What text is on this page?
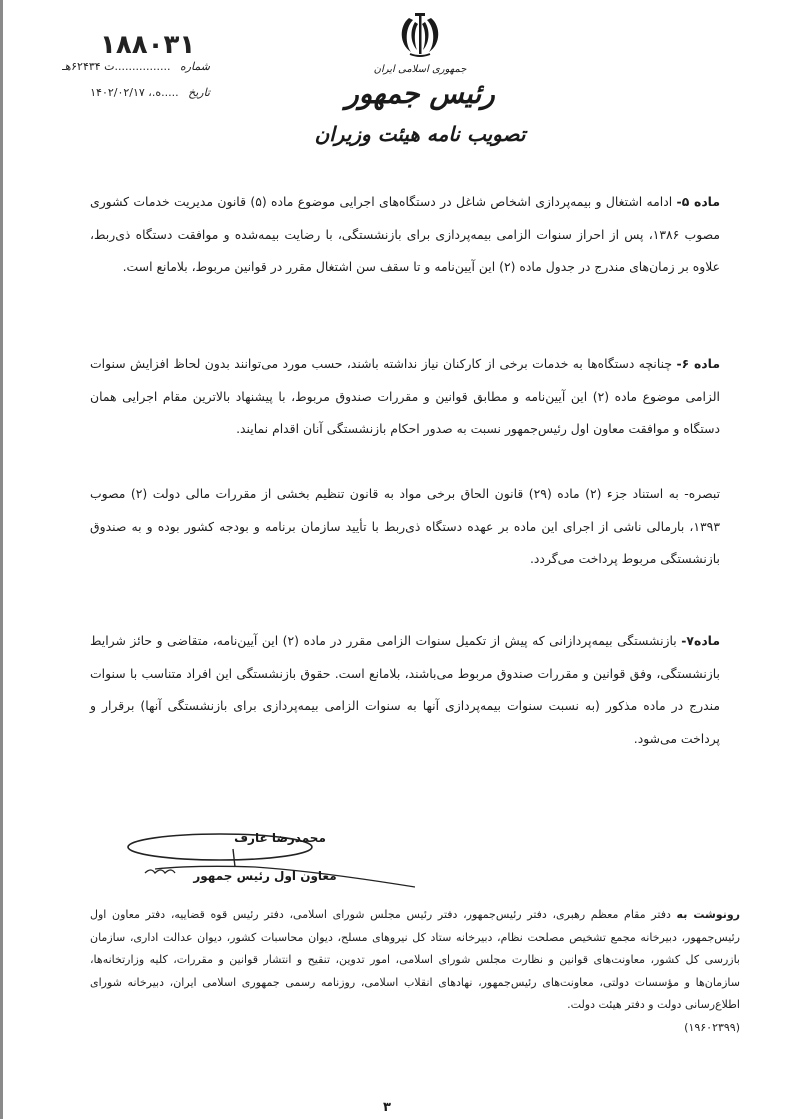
۱۸۸۰۳۱
شماره ................ت ۶۲۴۳۴هـ
تاریخ .....ه.، ۱۴۰۲/۰۲/۱۷
جمهوری اسلامی ایران
رئیس جمهور
تصویب نامه هیئت وزیران

ماده ۵- ادامه اشتغال و بیمه‌پردازی اشخاص شاغل در دستگاه‌های اجرایی موضوع ماده (۵) قانون مدیریت خدمات کشوری مصوب ۱۳۸۶، پس از احراز سنوات الزامی بیمه‌پردازی برای بازنشستگی، با رضایت بیمه‌شده و موافقت دستگاه ذی‌ربط، علاوه بر زمان‌های مندرج در جدول ماده (۲) این آیین‌نامه و تا سقف سن اشتغال مقرر در قوانین مربوط، بلامانع است.

ماده ۶- چنانچه دستگاه‌ها به خدمات برخی از کارکنان نیاز نداشته باشند، حسب مورد می‌توانند بدون لحاظ افزایش سنوات الزامی موضوع ماده (۲) این آیین‌نامه و مطابق قوانین و مقررات صندوق مربوط، با پیشنهاد بالاترین مقام اجرایی همان دستگاه و موافقت معاون اول رئیس‌جمهور نسبت به صدور احکام بازنشستگی آنان اقدام نمایند.

تبصره- به استناد جزء (۲) ماده (۲۹) قانون الحاق برخی مواد به قانون تنظیم بخشی از مقررات مالی دولت (۲) مصوب ۱۳۹۳، بارمالی ناشی از اجرای این ماده بر عهده دستگاه ذی‌ربط با تأیید سازمان برنامه و بودجه کشور بوده و به صندوق بازنشستگی مربوط پرداخت می‌گردد.

ماده۷- بازنشستگی بیمه‌پردازانی که پیش از تکمیل سنوات الزامی مقرر در ماده (۲) این آیین‌نامه، متقاضی و حائز شرایط بازنشستگی، وفق قوانین و مقررات صندوق مربوط می‌باشند، بلامانع است. حقوق بازنشستگی این افراد متناسب با سنوات مندرج در ماده مذکور (به نسبت سنوات بیمه‌پردازی آنها به سنوات الزامی بیمه‌پردازی برای بازنشستگی آنها) برقرار و پرداخت می‌شود.

محمدرضا عارف
معاون اول رئیس جمهور
رونوشت به دفتر مقام معظم رهبری، دفتر رئیس‌جمهور، دفتر رئیس مجلس شورای اسلامی، دفتر رئیس قوه قضاییه، دفتر معاون اول رئیس‌جمهور، دبیرخانه مجمع تشخیص مصلحت نظام، دبیرخانه ستاد کل نیروهای مسلح، دیوان محاسبات کشور، دیوان عدالت اداری، سازمان بازرسی کل کشور، معاونت‌های قوانین و نظارت مجلس شورای اسلامی، امور تدوین، تنقیح و انتشار قوانین و مقررات، کلیه وزارتخانه‌ها، سازمان‌ها و مؤسسات دولتی، معاونت‌های رئیس‌جمهور، نهادهای انقلاب اسلامی، روزنامه رسمی جمهوری اسلامی ایران، دبیرخانه شورای اطلاع‌رسانی دولت و دفتر هیئت دولت.
(۱۹۶۰۲۳۹۹)
۳
